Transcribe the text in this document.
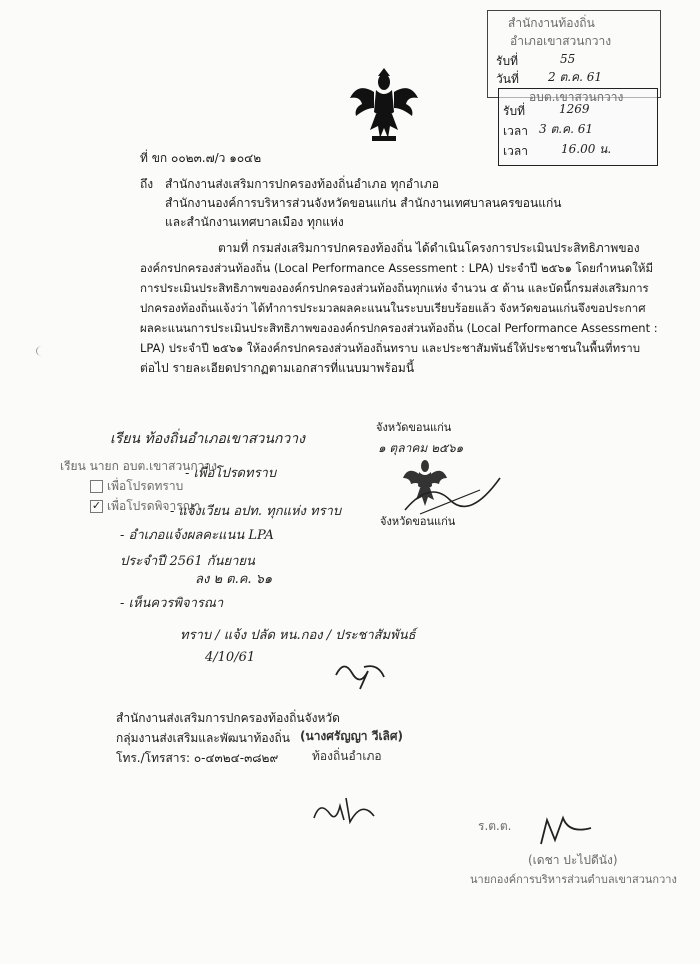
สำนักงานท้องถิ่น
อำเภอเขาสวนกวาง
รับที่	55
วันที่ 2 ต.ค. 61
อบต.เขาสวนกวาง
รับที่	1269
เวลา 3 ต.ค. 61
เวลา	16.00 น.
ที่ ขก ๐๐๒๓.๗/ว ๑๐๔๒
ถึง สำนักงานส่งเสริมการปกครองท้องถิ่นอำเภอ ทุกอำเภอ
สำนักงานองค์การบริหารส่วนจังหวัดขอนแก่น สำนักงานเทศบาลนครขอนแก่น
และสำนักงานเทศบาลเมือง ทุกแห่ง
ตามที่ กรมส่งเสริมการปกครองท้องถิ่น ได้ดำเนินโครงการประเมินประสิทธิภาพของ
องค์กรปกครองส่วนท้องถิ่น (Local Performance Assessment : LPA) ประจำปี ๒๕๖๑ โดยกำหนดให้มี
การประเมินประสิทธิภาพขององค์กรปกครองส่วนท้องถิ่นทุกแห่ง จำนวน ๕ ด้าน และบัดนี้กรมส่งเสริมการ
ปกครองท้องถิ่นแจ้งว่า ได้ทำการประมวลผลคะแนนในระบบเรียบร้อยแล้ว จังหวัดขอนแก่นจึงขอประกาศ
ผลคะแนนการประเมินประสิทธิภาพขององค์กรปกครองส่วนท้องถิ่น (Local Performance Assessment :
LPA) ประจำปี ๒๕๖๑ ให้องค์กรปกครองส่วนท้องถิ่นทราบ และประชาสัมพันธ์ให้ประชาชนในพื้นที่ทราบ
ต่อไป รายละเอียดปรากฏตามเอกสารที่แนบมาพร้อมนี้
เรียน ท้องถิ่นอำเภอเขาสวนกวาง
เรียน นายก อบต.เขาสวนกวาง
เพื่อโปรดทราบ
✓ เพื่อโปรดพิจารณา
- เพื่อโปรดทราบ
- แจ้งเวียน อปท. ทุกแห่ง ทราบ
- อำเภอแจ้งผลคะแนน LPA
ประจำปี 2561 กันยายน
ลง ๒ ต.ค. ๖๑
- เห็นควรพิจารณา
ทราบ / แจ้ง ปลัด หน.กอง / ประชาสัมพันธ์
4/10/61
จังหวัดขอนแก่น
๑ ตุลาคม ๒๕๖๑
จังหวัดขอนแก่น
สำนักงานส่งเสริมการปกครองท้องถิ่นจังหวัด
กลุ่มงานส่งเสริมและพัฒนาท้องถิ่น
โทร./โทรสาร: ๐-๔๓๒๔-๓๘๒๙
(นางศรัญญา วีเลิศ)
ท้องถิ่นอำเภอ
ร.ต.ต.
(เดชา ปะไปดีนัง)
นายกองค์การบริหารส่วนตำบลเขาสวนกวาง
